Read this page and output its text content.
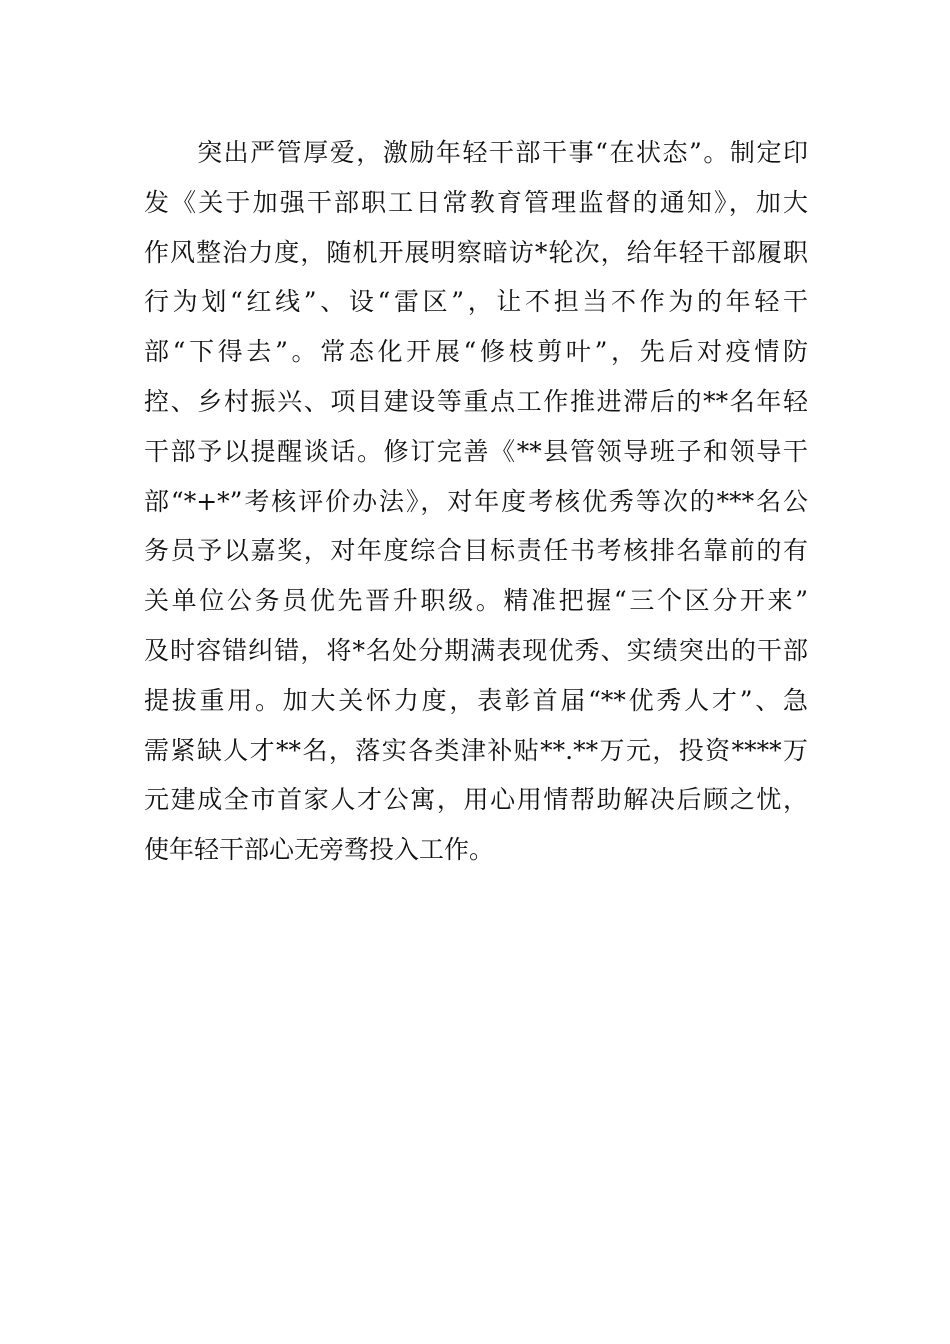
　　突出严管厚爱，激励年轻干部干事“在状态”。制定印
发《关于加强干部职工日常教育管理监督的通知》，加大
作风整治力度，随机开展明察暗访*轮次，给年轻干部履职
行为划“红线”、设“雷区”，让不担当不作为的年轻干
部“下得去”。常态化开展“修枝剪叶”，先后对疫情防
控、乡村振兴、项目建设等重点工作推进滞后的**名年轻
干部予以提醒谈话。修订完善《**县管领导班子和领导干
部“*+*”考核评价办法》，对年度考核优秀等次的***名公
务员予以嘉奖，对年度综合目标责任书考核排名靠前的有
关单位公务员优先晋升职级。精准把握“三个区分开来”
及时容错纠错，将*名处分期满表现优秀、实绩突出的干部
提拔重用。加大关怀力度，表彰首届“**优秀人才”、急
需紧缺人才**名，落实各类津补贴**.**万元，投资****万
元建成全市首家人才公寓，用心用情帮助解决后顾之忧，
使年轻干部心无旁骛投入工作。
